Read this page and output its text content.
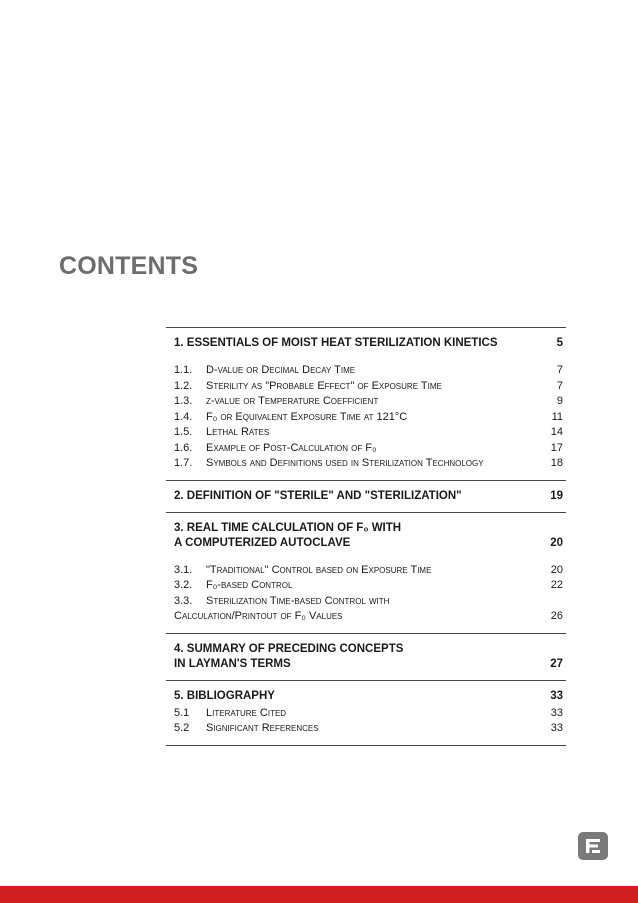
CONTENTS
1. ESSENTIALS OF MOIST HEAT STERILIZATION KINETICS	5
1.1.	D-value or Decimal Decay Time	7
1.2.	Sterility as "Probable Effect" of Exposure Time	7
1.3.	z-value or Temperature Coefficient	9
1.4.	F₀ or Equivalent Exposure Time at 121°C	11
1.5.	Lethal Rates	14
1.6.	Example of Post-Calculation of F₀	17
1.7.	Symbols and Definitions used in Sterilization Technology	18
2. DEFINITION OF "STERILE" AND "STERILIZATION"	19
3. REAL TIME CALCULATION OF F₀ WITH
A COMPUTERIZED AUTOCLAVE	20
3.1.	"Traditional" Control based on Exposure Time	20
3.2.	F₀-based Control	22
3.3.	Sterilization Time-based Control with
Calculation/Printout of F₀ Values	26
4. SUMMARY OF PRECEDING CONCEPTS
IN LAYMAN'S TERMS	27
5. BIBLIOGRAPHY	33
5.1	Literature Cited	33
5.2	Significant References	33
